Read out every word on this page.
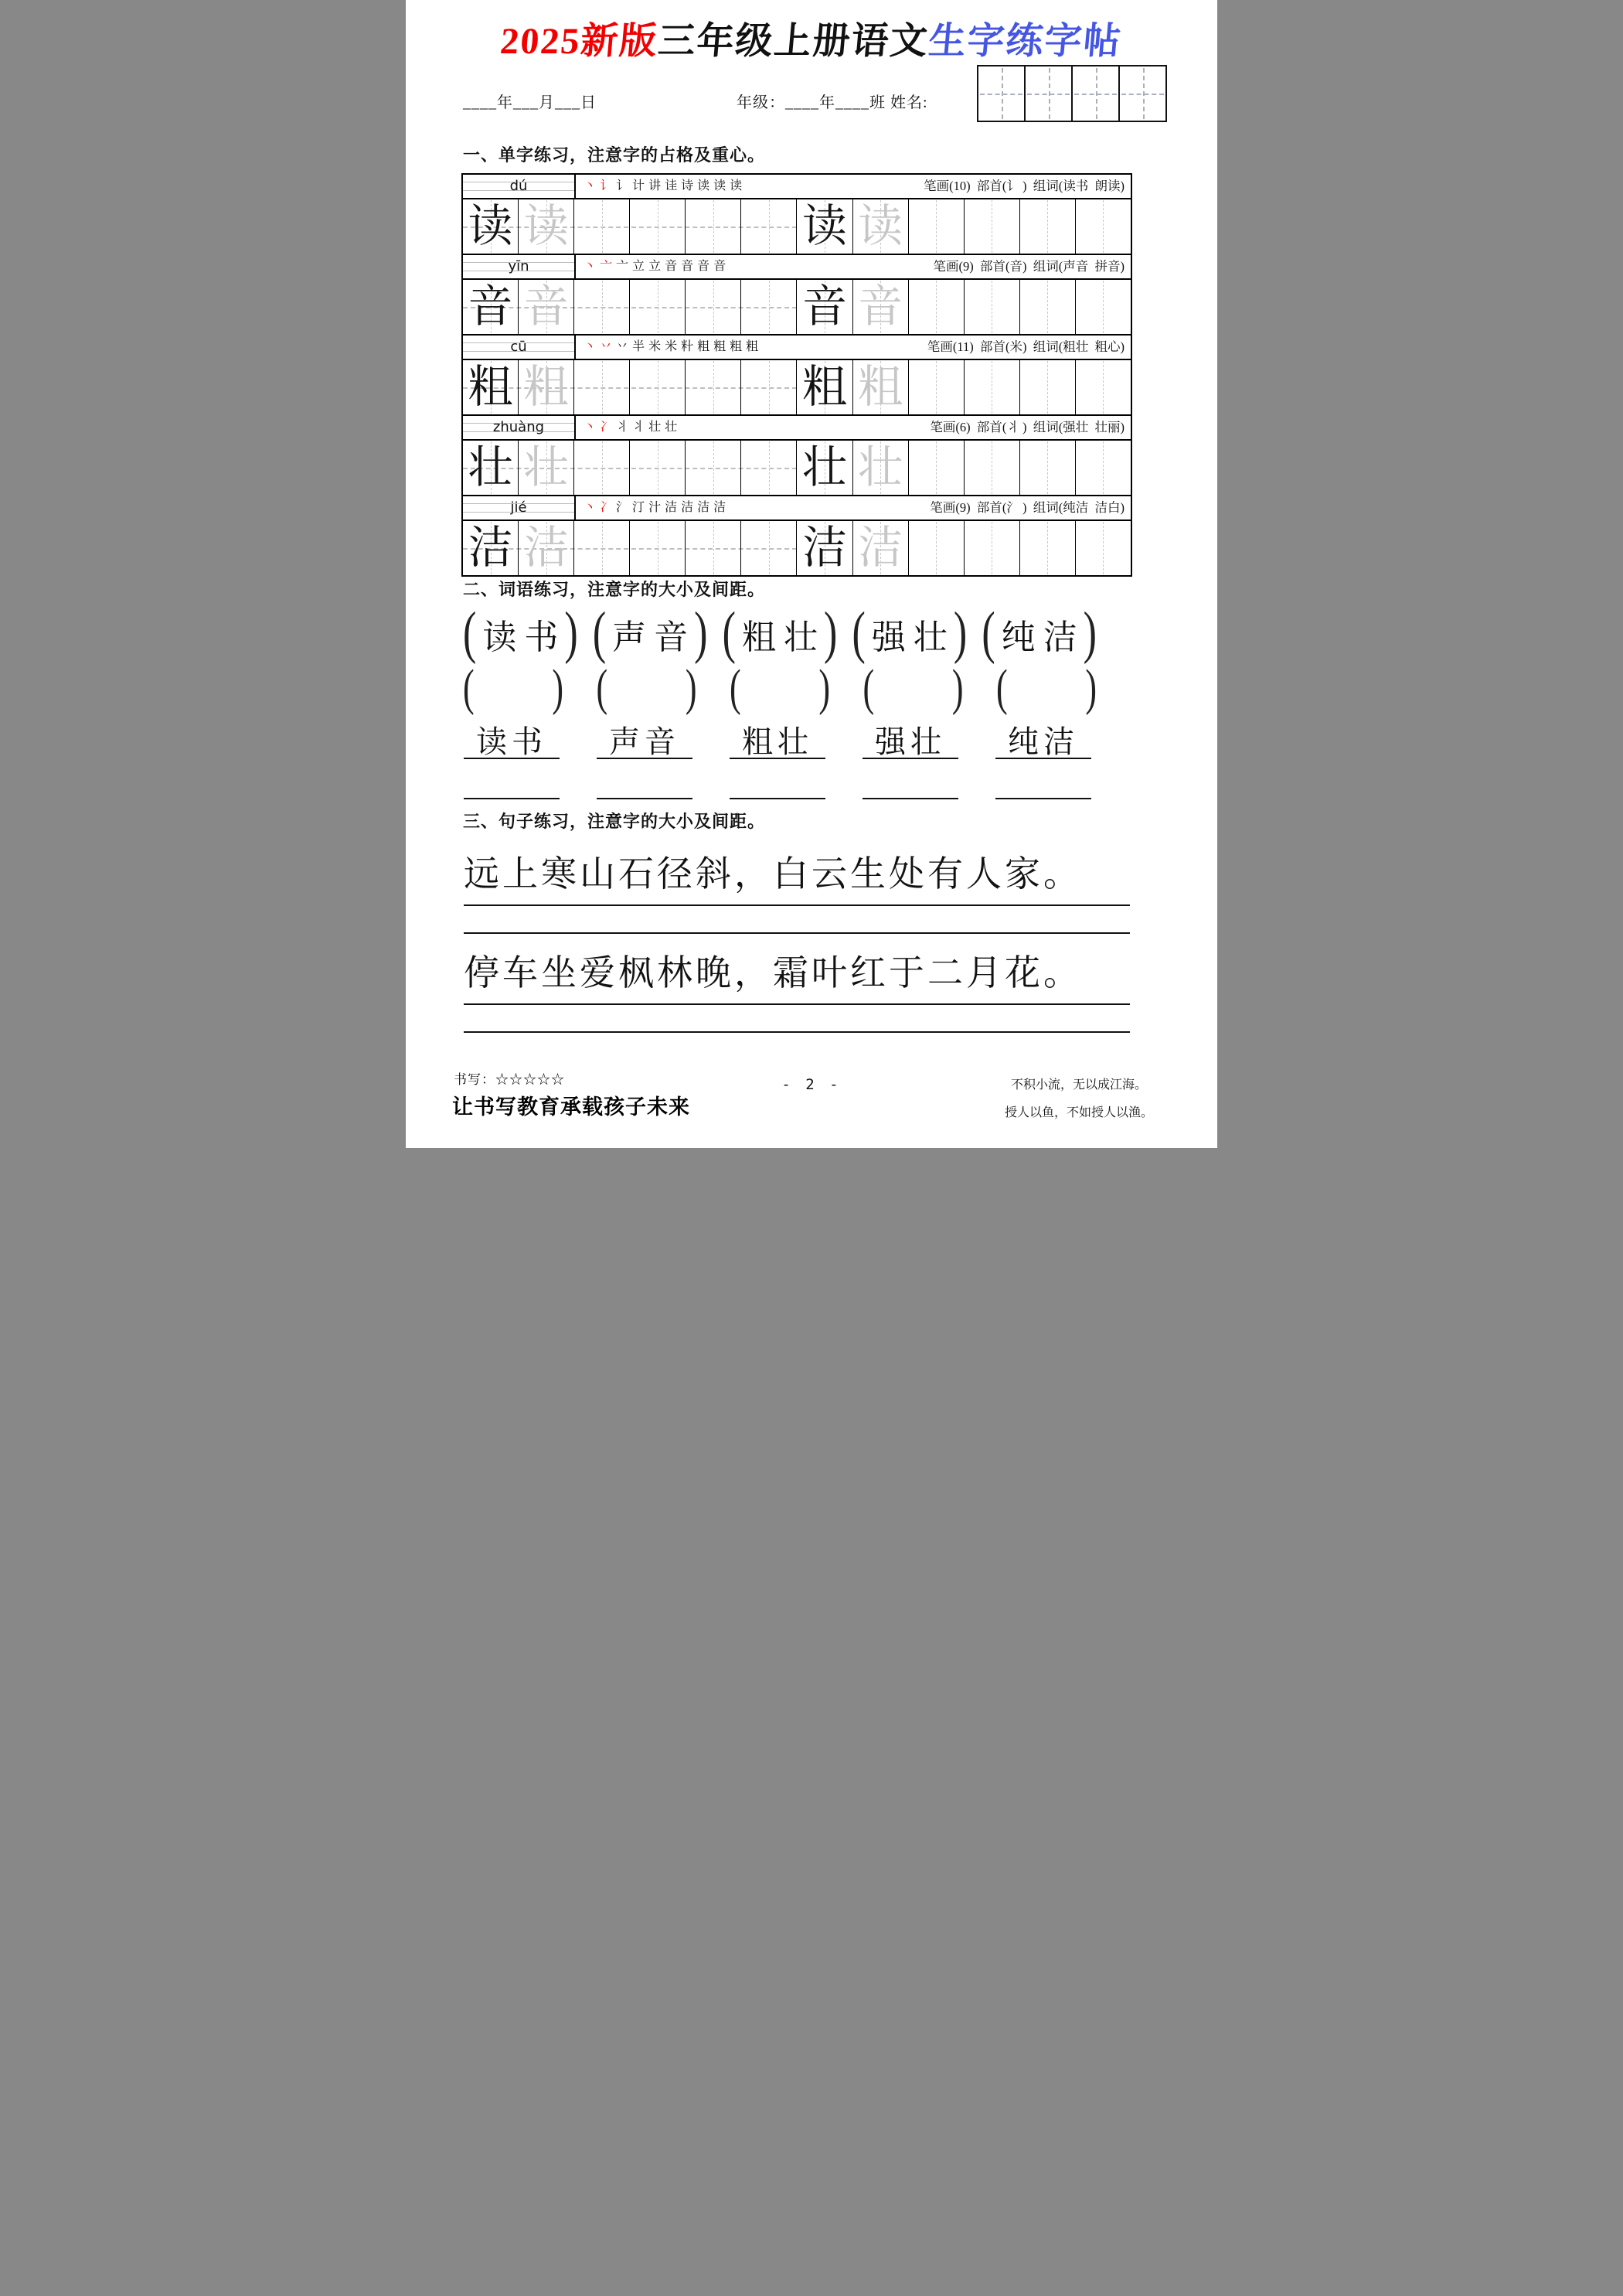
2025新版三年级上册语文生字练字帖
____年___月___日	年级：____年____班 姓名:
一、单字练习，注意字的占格及重心。
dú	丶 讠 讠 计 讲 诖 诗 读 读 读	笔画(10)  部首(讠 )  组词(读书  朗读)
读 读	读 读
yīn	丶 亠 亠 立 立 音 音 音 音	笔画(9)  部首(音)  组词(声音  拼音)
音 音	音 音
cū	丶 丷 丷 半 米 米 籵 粗 粗 粗 粗	笔画(11)  部首(米)  组词(粗壮  粗心)
粗 粗	粗 粗
zhuàng	丶 冫 丬 丬 壮 壮	笔画(6)  部首(丬 )  组词(强壮  壮丽)
壮 壮	壮 壮
jié	丶 冫 氵 汀 汁 洁 洁 洁 洁	笔画(9)  部首(氵 )  组词(纯洁  洁白)
洁 洁	洁 洁
二、词语练习，注意字的大小及间距。
( 读书
) ( 声音
) ( 粗壮
) ( 强壮
) ( 纯洁
)
( ) ( ) ( ) ( ) ( )
读书	声音	粗壮	强壮	纯洁
三、句子练习，注意字的大小及间距。
远上寒山石径斜，白云生处有人家。
停车坐爱枫林晚，霜叶红于二月花。
书写：☆☆☆☆☆
让书写教育承载孩子未来
- 2 -	不积小流，无以成江海。
授人以鱼，不如授人以渔。
